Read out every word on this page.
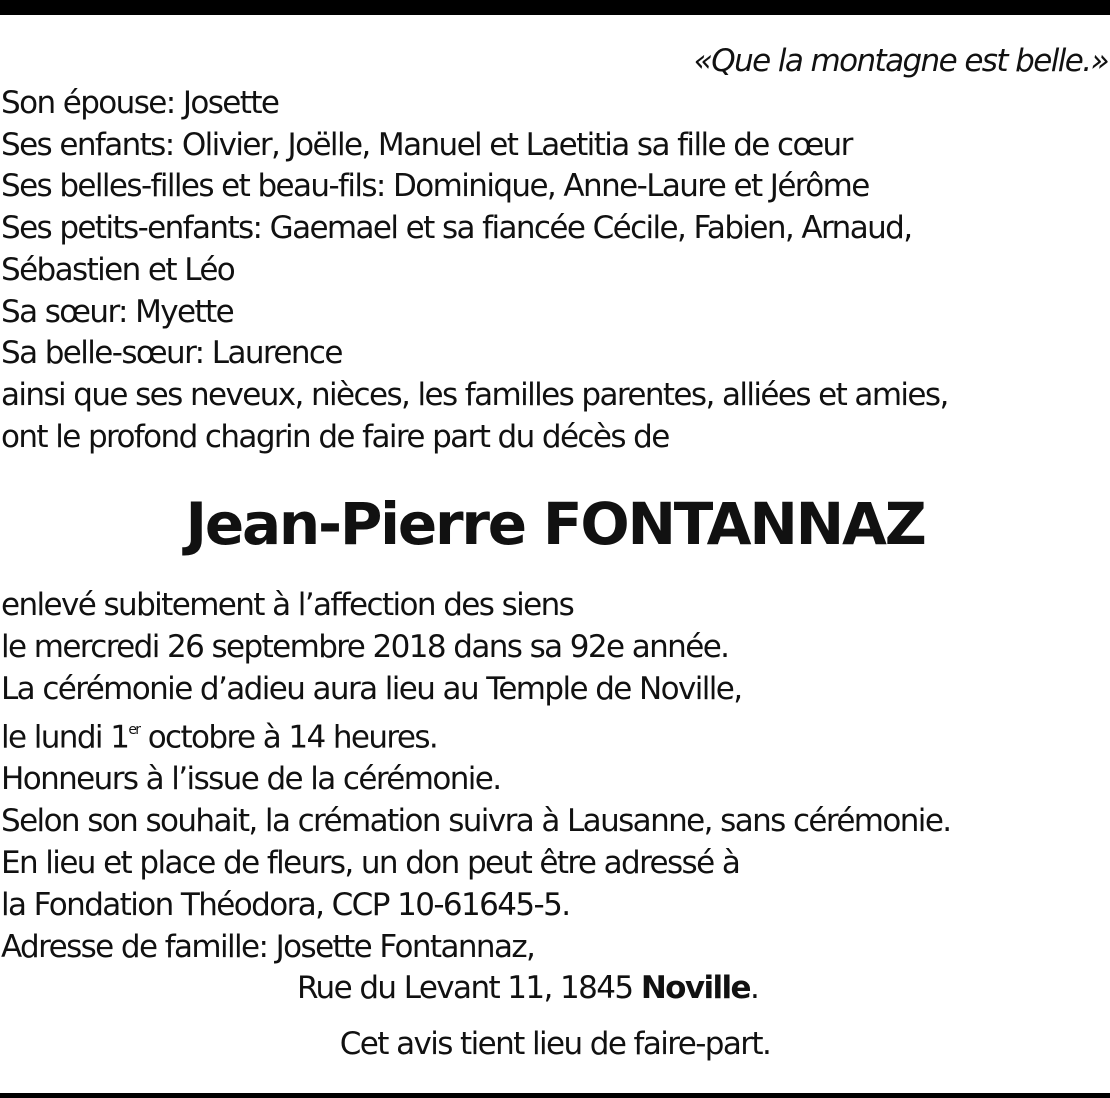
«Que la montagne est belle.»
Son épouse: Josette
Ses enfants: Olivier, Joëlle, Manuel et Laetitia sa fille de cœur
Ses belles-filles et beau-fils: Dominique, Anne-Laure et Jérôme
Ses petits-enfants: Gaemael et sa fiancée Cécile, Fabien, Arnaud,
Sébastien et Léo
Sa sœur: Myette
Sa belle-sœur: Laurence
ainsi que ses neveux, nièces, les familles parentes, alliées et amies,
ont le profond chagrin de faire part du décès de
Jean-Pierre FONTANNAZ
enlevé subitement à l’affection des siens
le mercredi 26 septembre 2018 dans sa 92e année.
La cérémonie d’adieu aura lieu au Temple de Noville,
le lundi 1er octobre à 14 heures.
Honneurs à l’issue de la cérémonie.
Selon son souhait, la crémation suivra à Lausanne, sans cérémonie.
En lieu et place de fleurs, un don peut être adressé à
la Fondation Théodora, CCP 10-61645-5.
Adresse de famille: Josette Fontannaz,
Rue du Levant 11, 1845 Noville.
Cet avis tient lieu de faire-part.
